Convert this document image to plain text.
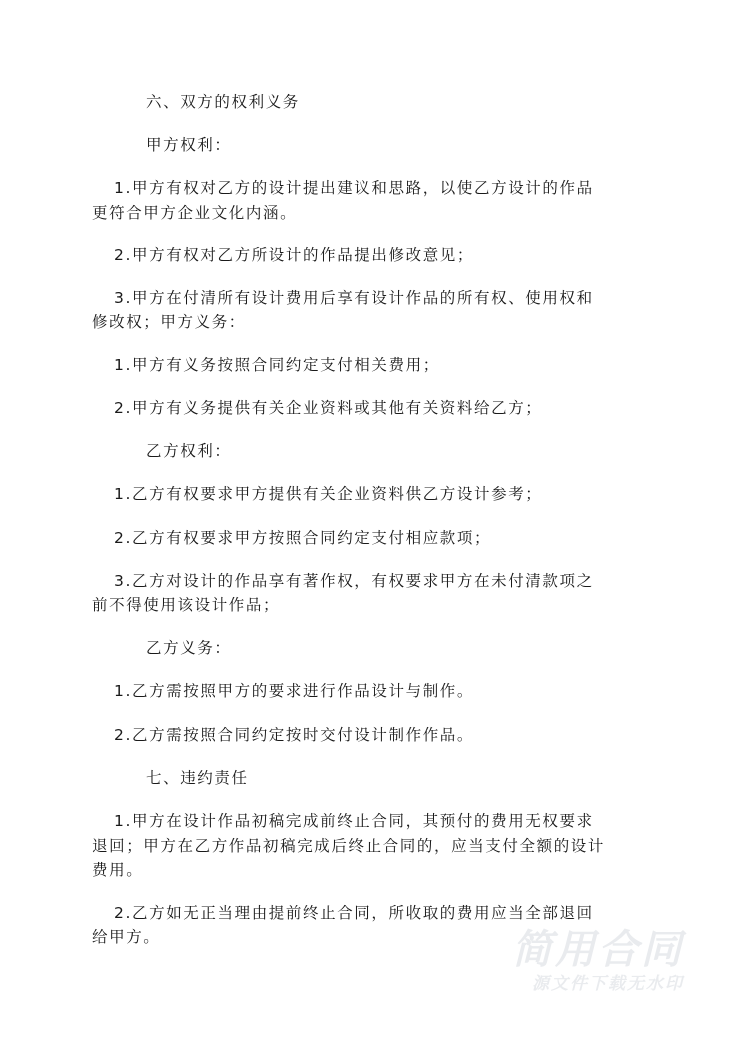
六、双方的权利义务
甲方权利：
1.甲方有权对乙方的设计提出建议和思路，以使乙方设计的作品
更符合甲方企业文化内涵。
2.甲方有权对乙方所设计的作品提出修改意见；
3.甲方在付清所有设计费用后享有设计作品的所有权、使用权和
修改权；甲方义务：
1.甲方有义务按照合同约定支付相关费用；
2.甲方有义务提供有关企业资料或其他有关资料给乙方；
乙方权利：
1.乙方有权要求甲方提供有关企业资料供乙方设计参考；
2.乙方有权要求甲方按照合同约定支付相应款项；
3.乙方对设计的作品享有著作权，有权要求甲方在未付清款项之
前不得使用该设计作品；
乙方义务：
1.乙方需按照甲方的要求进行作品设计与制作。
2.乙方需按照合同约定按时交付设计制作作品。
七、违约责任
1.甲方在设计作品初稿完成前终止合同，其预付的费用无权要求
退回；甲方在乙方作品初稿完成后终止合同的，应当支付全额的设计
费用。
2.乙方如无正当理由提前终止合同，所收取的费用应当全部退回
给甲方。	简用合同
源文件下载无水印
